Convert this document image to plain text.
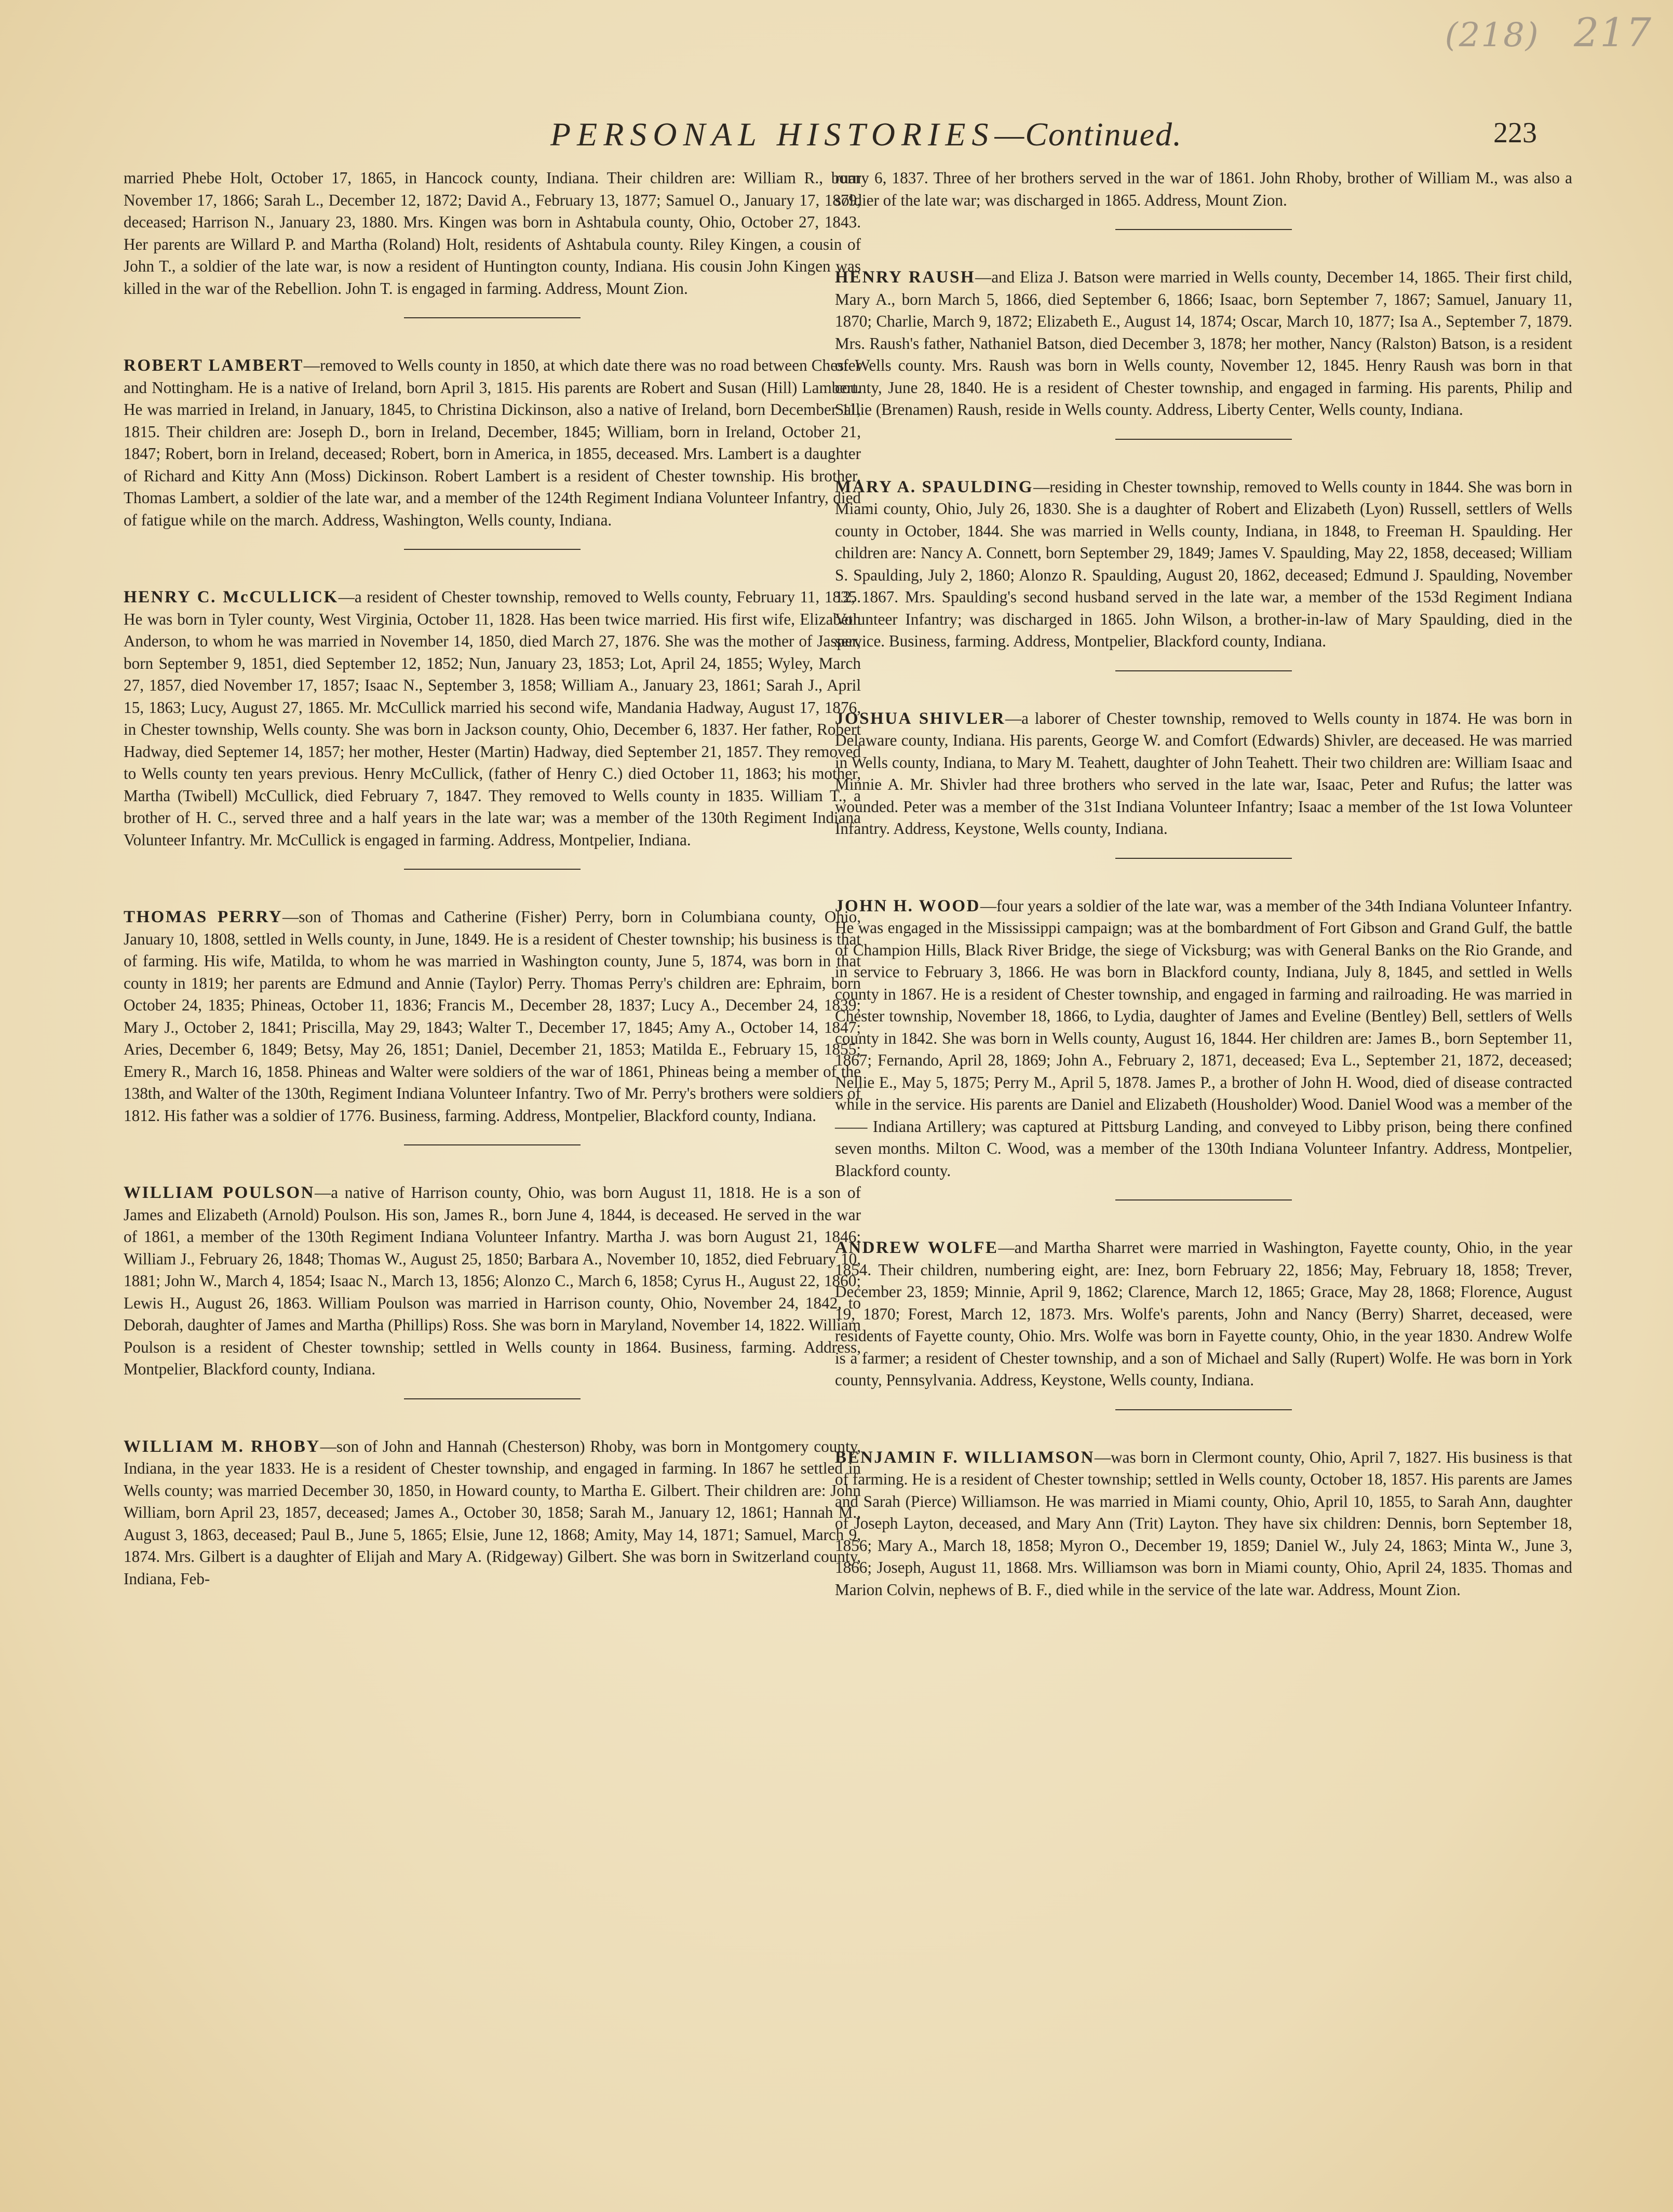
(218) 217
PERSONAL HISTORIES—Continued.	223

married Phebe Holt, October 17, 1865, in Hancock county, Indiana. Their children are: William R., born November 17, 1866; Sarah L., December 12, 1872; David A., February 13, 1877; Samuel O., January 17, 1879, deceased; Harrison N., January 23, 1880. Mrs. Kingen was born in Ashtabula county, Ohio, October 27, 1843. Her parents are Willard P. and Martha (Roland) Holt, residents of Ashtabula county. Riley Kingen, a cousin of John T., a soldier of the late war, is now a resident of Huntington county, Indiana. His cousin John Kingen was killed in the war of the Rebellion. John T. is engaged in farming. Address, Mount Zion.

ROBERT LAMBERT—removed to Wells county in 1850, at which date there was no road between Chester and Nottingham. He is a native of Ireland, born April 3, 1815. His parents are Robert and Susan (Hill) Lambert. He was married in Ireland, in January, 1845, to Christina Dickinson, also a native of Ireland, born December 11, 1815. Their children are: Joseph D., born in Ireland, December, 1845; William, born in Ireland, October 21, 1847; Robert, born in Ireland, deceased; Robert, born in America, in 1855, deceased. Mrs. Lambert is a daughter of Richard and Kitty Ann (Moss) Dickinson. Robert Lambert is a resident of Chester township. His brother, Thomas Lambert, a soldier of the late war, and a member of the 124th Regiment Indiana Volunteer Infantry, died of fatigue while on the march. Address, Washington, Wells county, Indiana.

HENRY C. McCULLICK—a resident of Chester township, removed to Wells county, February 11, 1835. He was born in Tyler county, West Virginia, October 11, 1828. Has been twice married. His first wife, Elizabeth Anderson, to whom he was married in November 14, 1850, died March 27, 1876. She was the mother of Jasper, born September 9, 1851, died September 12, 1852; Nun, January 23, 1853; Lot, April 24, 1855; Wyley, March 27, 1857, died November 17, 1857; Isaac N., September 3, 1858; William A., January 23, 1861; Sarah J., April 15, 1863; Lucy, August 27, 1865. Mr. McCullick married his second wife, Mandania Hadway, August 17, 1876, in Chester township, Wells county. She was born in Jackson county, Ohio, December 6, 1837. Her father, Robert Hadway, died Septemer 14, 1857; her mother, Hester (Martin) Hadway, died September 21, 1857. They removed to Wells county ten years previous. Henry McCullick, (father of Henry C.) died October 11, 1863; his mother, Martha (Twibell) McCullick, died February 7, 1847. They removed to Wells county in 1835. William T., a brother of H. C., served three and a half years in the late war; was a member of the 130th Regiment Indiana Volunteer Infantry. Mr. McCullick is engaged in farming. Address, Montpelier, Indiana.

THOMAS PERRY—son of Thomas and Catherine (Fisher) Perry, born in Columbiana county, Ohio, January 10, 1808, settled in Wells county, in June, 1849. He is a resident of Chester township; his business is that of farming. His wife, Matilda, to whom he was married in Washington county, June 5, 1874, was born in that county in 1819; her parents are Edmund and Annie (Taylor) Perry. Thomas Perry's children are: Ephraim, born October 24, 1835; Phineas, October 11, 1836; Francis M., December 28, 1837; Lucy A., December 24, 1839; Mary J., October 2, 1841; Priscilla, May 29, 1843; Walter T., December 17, 1845; Amy A., October 14, 1847; Aries, December 6, 1849; Betsy, May 26, 1851; Daniel, December 21, 1853; Matilda E., February 15, 1855; Emery R., March 16, 1858. Phineas and Walter were soldiers of the war of 1861, Phineas being a member of the 138th, and Walter of the 130th, Regiment Indiana Volunteer Infantry. Two of Mr. Perry's brothers were soldiers of 1812. His father was a soldier of 1776. Business, farming. Address, Montpelier, Blackford county, Indiana.

WILLIAM POULSON—a native of Harrison county, Ohio, was born August 11, 1818. He is a son of James and Elizabeth (Arnold) Poulson. His son, James R., born June 4, 1844, is deceased. He served in the war of 1861, a member of the 130th Regiment Indiana Volunteer Infantry. Martha J. was born August 21, 1846; William J., February 26, 1848; Thomas W., August 25, 1850; Barbara A., November 10, 1852, died February 10, 1881; John W., March 4, 1854; Isaac N., March 13, 1856; Alonzo C., March 6, 1858; Cyrus H., August 22, 1860; Lewis H., August 26, 1863. William Poulson was married in Harrison county, Ohio, November 24, 1842, to Deborah, daughter of James and Martha (Phillips) Ross. She was born in Maryland, November 14, 1822. William Poulson is a resident of Chester township; settled in Wells county in 1864. Business, farming. Address, Montpelier, Blackford county, Indiana.

WILLIAM M. RHOBY—son of John and Hannah (Chesterson) Rhoby, was born in Montgomery county, Indiana, in the year 1833. He is a resident of Chester township, and engaged in farming. In 1867 he settled in Wells county; was married December 30, 1850, in Howard county, to Martha E. Gilbert. Their children are: John William, born April 23, 1857, deceased; James A., October 30, 1858; Sarah M., January 12, 1861; Hannah M., August 3, 1863, deceased; Paul B., June 5, 1865; Elsie, June 12, 1868; Amity, May 14, 1871; Samuel, March 9, 1874. Mrs. Gilbert is a daughter of Elijah and Mary A. (Ridgeway) Gilbert. She was born in Switzerland county, Indiana, Feb-

ruary 6, 1837. Three of her brothers served in the war of 1861. John Rhoby, brother of William M., was also a soldier of the late war; was discharged in 1865. Address, Mount Zion.

HENRY RAUSH—and Eliza J. Batson were married in Wells county, December 14, 1865. Their first child, Mary A., born March 5, 1866, died September 6, 1866; Isaac, born September 7, 1867; Samuel, January 11, 1870; Charlie, March 9, 1872; Elizabeth E., August 14, 1874; Oscar, March 10, 1877; Isa A., September 7, 1879. Mrs. Raush's father, Nathaniel Batson, died December 3, 1878; her mother, Nancy (Ralston) Batson, is a resident of Wells county. Mrs. Raush was born in Wells county, November 12, 1845. Henry Raush was born in that county, June 28, 1840. He is a resident of Chester township, and engaged in farming. His parents, Philip and Sallie (Brenamen) Raush, reside in Wells county. Address, Liberty Center, Wells county, Indiana.

MARY A. SPAULDING—residing in Chester township, removed to Wells county in 1844. She was born in Miami county, Ohio, July 26, 1830. She is a daughter of Robert and Elizabeth (Lyon) Russell, settlers of Wells county in October, 1844. She was married in Wells county, Indiana, in 1848, to Freeman H. Spaulding. Her children are: Nancy A. Connett, born September 29, 1849; James V. Spaulding, May 22, 1858, deceased; William S. Spaulding, July 2, 1860; Alonzo R. Spaulding, August 20, 1862, deceased; Edmund J. Spaulding, November 12, 1867. Mrs. Spaulding's second husband served in the late war, a member of the 153d Regiment Indiana Volunteer Infantry; was discharged in 1865. John Wilson, a brother-in-law of Mary Spaulding, died in the service. Business, farming. Address, Montpelier, Blackford county, Indiana.

JOSHUA SHIVLER—a laborer of Chester township, removed to Wells county in 1874. He was born in Delaware county, Indiana. His parents, George W. and Comfort (Edwards) Shivler, are deceased. He was married in Wells county, Indiana, to Mary M. Teahett, daughter of John Teahett. Their two children are: William Isaac and Minnie A. Mr. Shivler had three brothers who served in the late war, Isaac, Peter and Rufus; the latter was wounded. Peter was a member of the 31st Indiana Volunteer Infantry; Isaac a member of the 1st Iowa Volunteer Infantry. Address, Keystone, Wells county, Indiana.

JOHN H. WOOD—four years a soldier of the late war, was a member of the 34th Indiana Volunteer Infantry. He was engaged in the Mississippi campaign; was at the bombardment of Fort Gibson and Grand Gulf, the battle of Champion Hills, Black River Bridge, the siege of Vicksburg; was with General Banks on the Rio Grande, and in service to February 3, 1866. He was born in Blackford county, Indiana, July 8, 1845, and settled in Wells county in 1867. He is a resident of Chester township, and engaged in farming and railroading. He was married in Chester township, November 18, 1866, to Lydia, daughter of James and Eveline (Bentley) Bell, settlers of Wells county in 1842. She was born in Wells county, August 16, 1844. Her children are: James B., born September 11, 1867; Fernando, April 28, 1869; John A., February 2, 1871, deceased; Eva L., September 21, 1872, deceased; Nellie E., May 5, 1875; Perry M., April 5, 1878. James P., a brother of John H. Wood, died of disease contracted while in the service. His parents are Daniel and Elizabeth (Housholder) Wood. Daniel Wood was a member of the —— Indiana Artillery; was captured at Pittsburg Landing, and conveyed to Libby prison, being there confined seven months. Milton C. Wood, was a member of the 130th Indiana Volunteer Infantry. Address, Montpelier, Blackford county.

ANDREW WOLFE—and Martha Sharret were married in Washington, Fayette county, Ohio, in the year 1854. Their children, numbering eight, are: Inez, born February 22, 1856; May, February 18, 1858; Trever, December 23, 1859; Minnie, April 9, 1862; Clarence, March 12, 1865; Grace, May 28, 1868; Florence, August 19, 1870; Forest, March 12, 1873. Mrs. Wolfe's parents, John and Nancy (Berry) Sharret, deceased, were residents of Fayette county, Ohio. Mrs. Wolfe was born in Fayette county, Ohio, in the year 1830. Andrew Wolfe is a farmer; a resident of Chester township, and a son of Michael and Sally (Rupert) Wolfe. He was born in York county, Pennsylvania. Address, Keystone, Wells county, Indiana.

BENJAMIN F. WILLIAMSON—was born in Clermont county, Ohio, April 7, 1827. His business is that of farming. He is a resident of Chester township; settled in Wells county, October 18, 1857. His parents are James and Sarah (Pierce) Williamson. He was married in Miami county, Ohio, April 10, 1855, to Sarah Ann, daughter of Joseph Layton, deceased, and Mary Ann (Trit) Layton. They have six children: Dennis, born September 18, 1856; Mary A., March 18, 1858; Myron O., December 19, 1859; Daniel W., July 24, 1863; Minta W., June 3, 1866; Joseph, August 11, 1868. Mrs. Williamson was born in Miami county, Ohio, April 24, 1835. Thomas and Marion Colvin, nephews of B. F., died while in the service of the late war. Address, Mount Zion.
